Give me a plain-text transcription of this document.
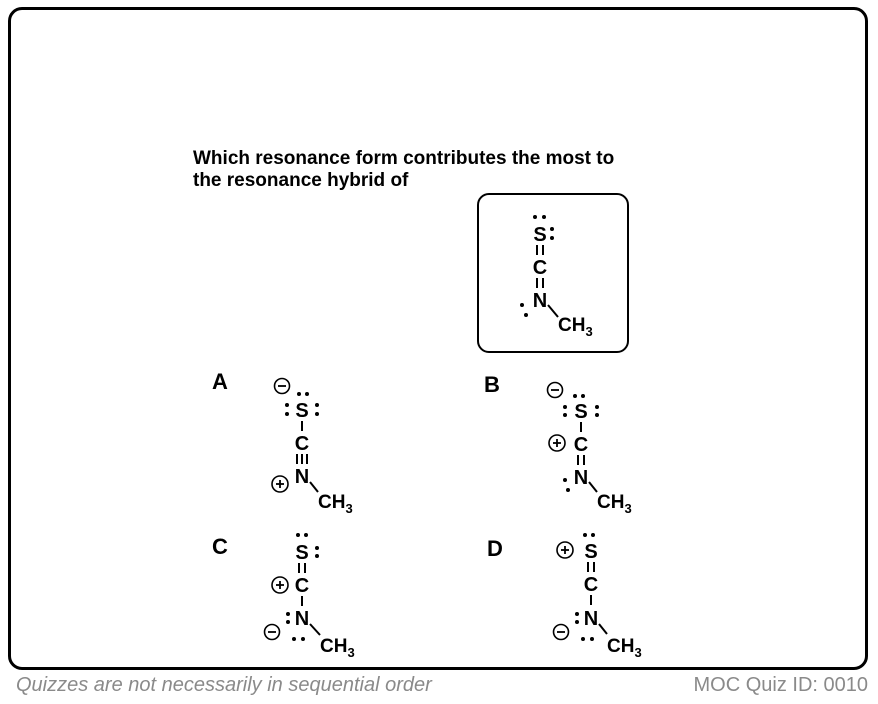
Which resonance form contributes the most to
the resonance hybrid of
S
C
N
$CH_3$
A
S
C
N
$CH_3$
B
S
C
N
$CH_3$
C	S
C
N
$CH_3$
D	S
C
N
$CH_3$
Quizzes are not necessarily in sequential order	MOC Quiz ID: 0010
